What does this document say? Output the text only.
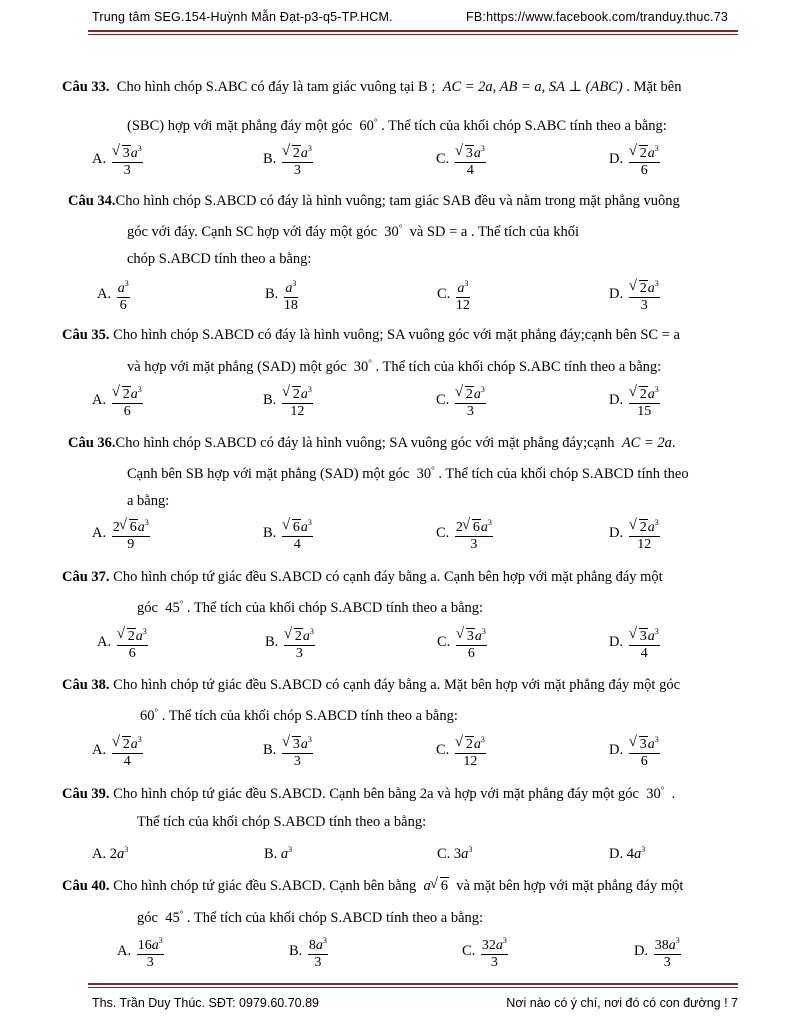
Trung tâm SEG.154-Huỳnh Mẫn Đạt-p3-q5-TP.HCM.	FB:https://www.facebook.com/tranduy.thuc.73
Câu 33. Cho hình chóp S.ABC có đáy là tam giác vuông tại B ; AC = 2a, AB = a, SA ⊥ (ABC) . Mặt bên
(SBC) hợp với mặt phẳng đáy một góc 60° . Thể tích của khối chóp S.ABC tính theo a bằng:
A. √ $\frac{3a^3}{3}$	B. √ $\frac{2a^3}{3}$	C. √ $\frac{3a^3}{4}$	D. √ $\frac{2a^3}{6}$
Câu 34.Cho hình chóp S.ABCD có đáy là hình vuông; tam giác SAB đều và nằm trong mặt phẳng vuông
góc với đáy. Cạnh SC hợp với đáy một góc 30° và SD = a . Thể tích của khối
chóp S.ABCD tính theo a bằng:
A. $\frac{a^3}{6}$	B. $\frac{a^3}{18}$	C. $\frac{a^3}{12}$	D. √ $\frac{2a^3}{3}$
Câu 35. Cho hình chóp S.ABCD có đáy là hình vuông; SA vuông góc với mặt phẳng đáy;cạnh bên SC = a
và hợp với mặt phẳng (SAD) một góc 30° . Thể tích của khối chóp S.ABC tính theo a bằng:
A. √ $\frac{2a^3}{6}$	B. √ $\frac{2a^3}{12}$	C. √ $\frac{2a^3}{3}$	D. √ $\frac{2a^3}{15}$
Câu 36.Cho hình chóp S.ABCD có đáy là hình vuông; SA vuông góc với mặt phẳng đáy;cạnh AC = 2a.
Cạnh bên SB hợp với mặt phẳng (SAD) một góc 30° . Thể tích của khối chóp S.ABCD tính theo
a bằng:
A. $\frac{2 √ 6a^3}{9}$	B. √ $\frac{6a^3}{4}$	C. $\frac{2 √ 6a^3}{3}$	D. √ $\frac{2a^3}{12}$
Câu 37. Cho hình chóp tứ giác đều S.ABCD có cạnh đáy bằng a. Cạnh bên hợp với mặt phẳng đáy một
góc 45° . Thể tích của khối chóp S.ABCD tính theo a bằng:
A. √ $\frac{2a^3}{6}$	B. √ $\frac{2a^3}{3}$	C. √ $\frac{3a^3}{6}$	D. √ $\frac{3a^3}{4}$
Câu 38. Cho hình chóp tứ giác đều S.ABCD có cạnh đáy bằng a. Mặt bên hợp với mặt phẳng đáy một góc
60° . Thể tích của khối chóp S.ABCD tính theo a bằng:
A. √ $\frac{2a^3}{4}$	B. √ $\frac{3a^3}{3}$	C. √ $\frac{2a^3}{12}$	D. √ $\frac{3a^3}{6}$
Câu 39. Cho hình chóp tứ giác đều S.ABCD. Cạnh bên bằng 2a và hợp với mặt phẳng đáy một góc 30° .
Thể tích của khối chóp S.ABCD tính theo a bằng:
A. $2a^3$	B. $a^3$	C. $3a^3$	D. $4a^3$
Câu 40. Cho hình chóp tứ giác đều S.ABCD. Cạnh bên bằng a √ 6 và mặt bên hợp với mặt phẳng đáy một
góc 45° . Thể tích của khối chóp S.ABCD tính theo a bằng:
A. $\frac{16a^3}{3}$	B. $\frac{8a^3}{3}$	C. $\frac{32a^3}{3}$	D. $\frac{38a^3}{3}$
Ths. Trần Duy Thúc. SĐT: 0979.60.70.89	Nơi nào có ý chí, nơi đó có con đường ! 7
